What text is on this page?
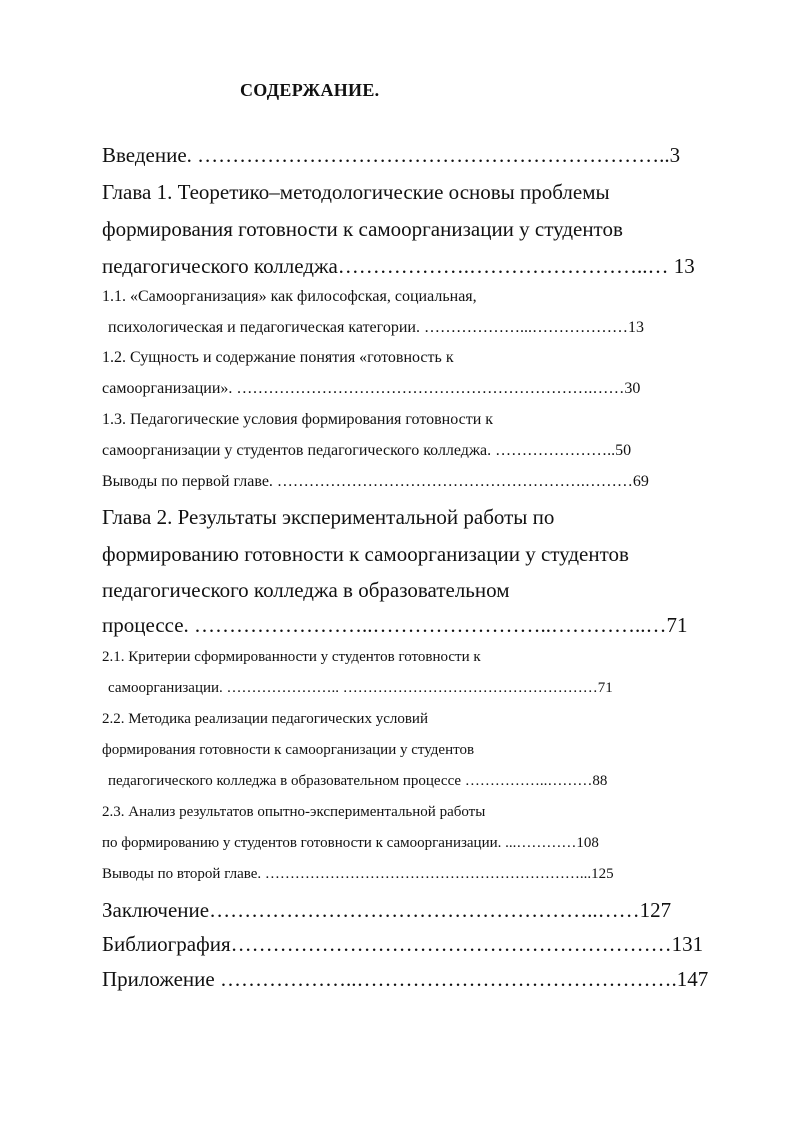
СОДЕРЖАНИЕ.
Введение. …………………………………………………………..3
Глава 1. Теоретико–методологические основы проблемы
формирования готовности к самоорганизации у студентов
педагогического колледжа……………….……………………..… 13
1.1. «Самоорганизация» как философская, социальная,
психологическая и педагогическая категории. ………………...………………13
1.2. Сущность и содержание понятия «готовность к
самоорганизации». ………………………………………………………….……30
1.3. Педагогические условия формирования готовности к
самоорганизации у студентов педагогического колледжа. …………………..50
Выводы по первой главе. ………………………………………………….………69
Глава 2. Результаты экспериментальной работы по
формированию готовности к самоорганизации у студентов
педагогического колледжа в образовательном
процессе. ……………………..……………………..…………..…71
2.1. Критерии сформированности у студентов готовности к
самоорганизации. ………………….. ……………………………………………71
2.2. Методика реализации педагогических условий
формирования готовности к самоорганизации у студентов
педагогического колледжа в образовательном процессе ……………..………88
2.3. Анализ результатов опытно-экспериментальной работы
по формированию у студентов готовности к самоорганизации. ...…………108
Выводы по второй главе. ………………………………………………………...125
Заключение………………………………………………..……127
Библиография………………………………………………………131
Приложение ………………..……………………………………….147
